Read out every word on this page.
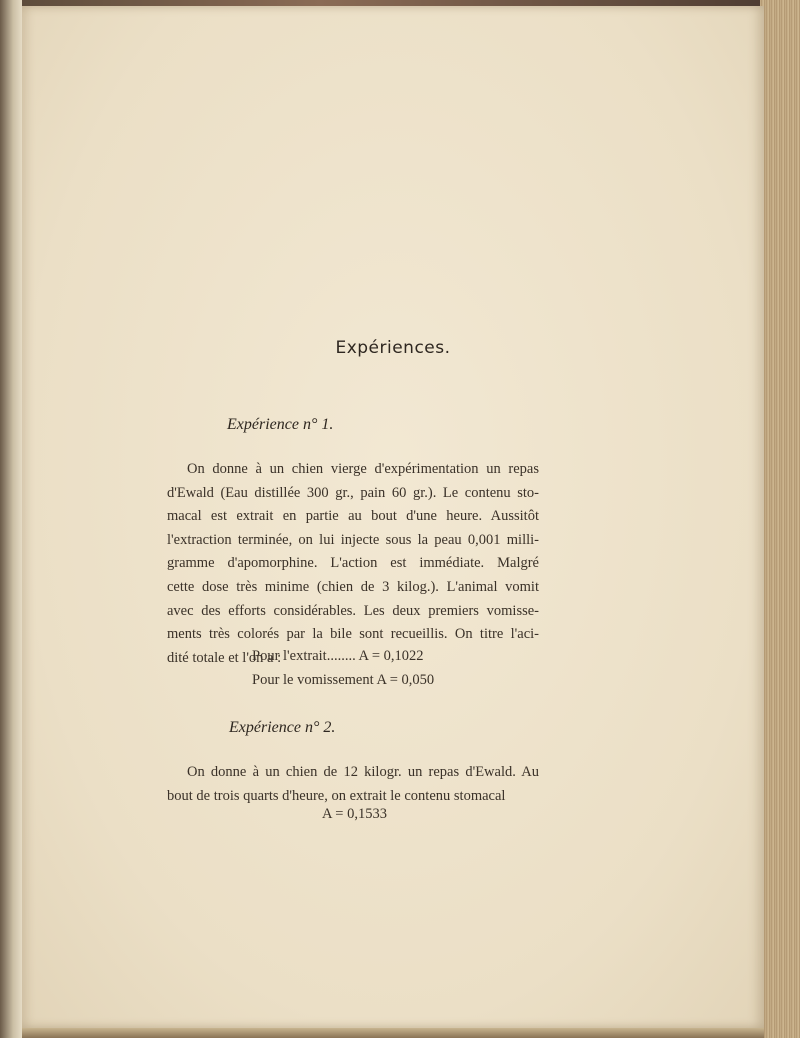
Expériences.
Expérience n° 1.
On donne à un chien vierge d'expérimentation un repas
d'Ewald (Eau distillée 300 gr., pain 60 gr.). Le contenu sto-
macal est extrait en partie au bout d'une heure. Aussitôt
l'extraction terminée, on lui injecte sous la peau 0,001 milli-
gramme d'apomorphine. L'action est immédiate. Malgré
cette dose très minime (chien de 3 kilog.). L'animal vomit
avec des efforts considérables. Les deux premiers vomisse-
ments très colorés par la bile sont recueillis. On titre l'aci-
dité totale et l'on a :
Pour l'extrait........ A = 0,1022
Pour le vomissement A = 0,050
Expérience n° 2.
On donne à un chien de 12 kilogr. un repas d'Ewald. Au
bout de trois quarts d'heure, on extrait le contenu stomacal
A = 0,1533
